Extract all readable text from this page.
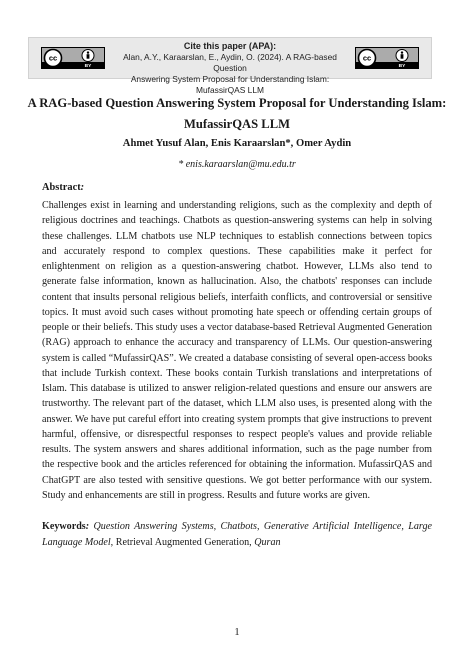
cc
BY
Cite this paper (APA):
Alan, A.Y., Karaarslan, E., Aydin, O. (2024). A RAG-based Question
Answering System Proposal for Understanding Islam: MufassirQAS LLM
cc
BY
A RAG-based Question Answering System Proposal for Understanding Islam:
MufassirQAS LLM
Ahmet Yusuf Alan, Enis Karaarslan*, Omer Aydin
* enis.karaarslan@mu.edu.tr
Abstract:

Challenges exist in learning and understanding religions, such as the complexity and depth of religious doctrines and teachings. Chatbots as question-answering systems can help in solving these challenges. LLM chatbots use NLP techniques to establish connections between topics and accurately respond to complex questions. These capabilities make it perfect for enlightenment on religion as a question-answering chatbot. However, LLMs also tend to generate false information, known as hallucination. Also, the chatbots' responses can include content that insults personal religious beliefs, interfaith conflicts, and controversial or sensitive topics. It must avoid such cases without promoting hate speech or offending certain groups of people or their beliefs. This study uses a vector database-based Retrieval Augmented Generation (RAG) approach to enhance the accuracy and transparency of LLMs. Our question-answering system is called “MufassirQAS”. We created a database consisting of several open-access books that include Turkish context. These books contain Turkish translations and interpretations of Islam. This database is utilized to answer religion-related questions and ensure our answers are trustworthy. The relevant part of the dataset, which LLM also uses, is presented along with the answer. We have put careful effort into creating system prompts that give instructions to prevent harmful, offensive, or disrespectful responses to respect people's values and provide reliable results. The system answers and shares additional information, such as the page number from the respective book and the articles referenced for obtaining the information. MufassirQAS and ChatGPT are also tested with sensitive questions. We got better performance with our system. Study and enhancements are still in progress. Results and future works are given.

Keywords: Question Answering Systems, Chatbots, Generative Artificial Intelligence, Large Language Model, Retrieval Augmented Generation, Quran

1
